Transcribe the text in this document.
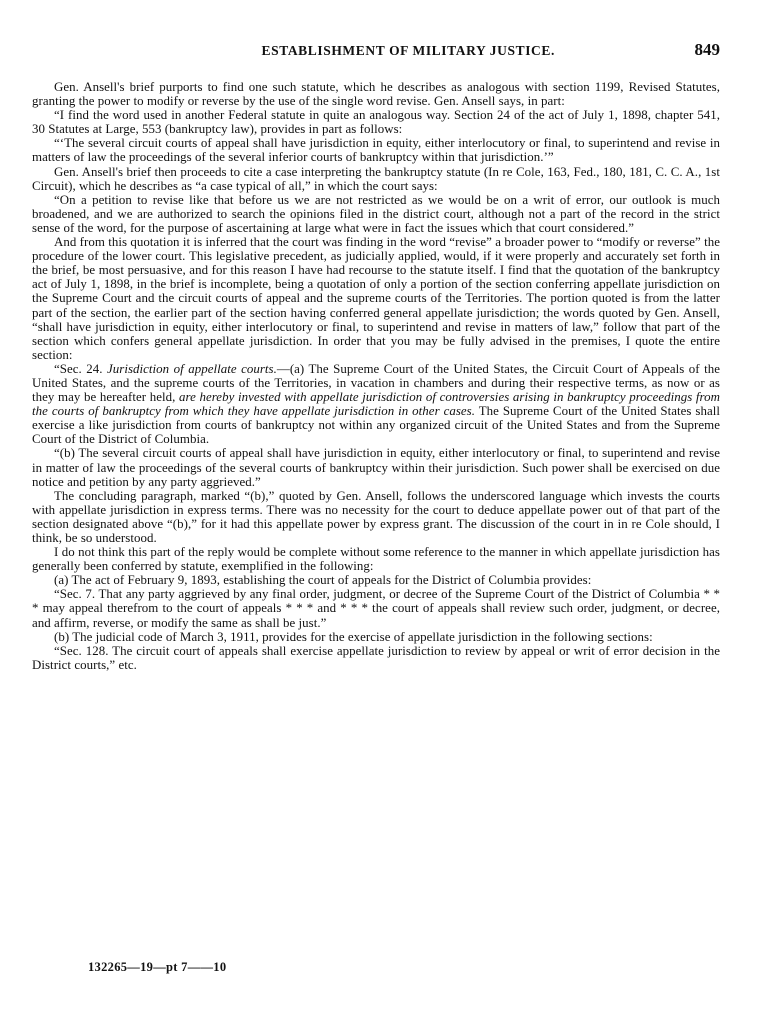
ESTABLISHMENT OF MILITARY JUSTICE.	849

Gen. Ansell's brief purports to find one such statute, which he describes as analogous with section 1199, Revised Statutes, granting the power to modify or reverse by the use of the single word revise. Gen. Ansell says, in part:

“I find the word used in another Federal statute in quite an analogous way. Section 24 of the act of July 1, 1898, chapter 541, 30 Statutes at Large, 553 (bankruptcy law), provides in part as follows:

“‘The several circuit courts of appeal shall have jurisdiction in equity, either interlocutory or final, to superintend and revise in matters of law the proceedings of the several inferior courts of bankruptcy within that jurisdiction.’”

Gen. Ansell's brief then proceeds to cite a case interpreting the bankruptcy statute (In re Cole, 163, Fed., 180, 181, C. C. A., 1st Circuit), which he describes as “a case typical of all,” in which the court says:

“On a petition to revise like that before us we are not restricted as we would be on a writ of error, our outlook is much broadened, and we are authorized to search the opinions filed in the district court, although not a part of the record in the strict sense of the word, for the purpose of ascertaining at large what were in fact the issues which that court considered.”

And from this quotation it is inferred that the court was finding in the word “revise” a broader power to “modify or reverse” the procedure of the lower court. This legislative precedent, as judicially applied, would, if it were properly and accurately set forth in the brief, be most persuasive, and for this reason I have had recourse to the statute itself. I find that the quotation of the bankruptcy act of July 1, 1898, in the brief is incomplete, being a quotation of only a portion of the section conferring appellate jurisdiction on the Supreme Court and the circuit courts of appeal and the supreme courts of the Territories. The portion quoted is from the latter part of the section, the earlier part of the section having conferred general appellate jurisdiction; the words quoted by Gen. Ansell, “shall have jurisdiction in equity, either interlocutory or final, to superintend and revise in matters of law,” follow that part of the section which confers general appellate jurisdiction. In order that you may be fully advised in the premises, I quote the entire section:

“Sec. 24. Jurisdiction of appellate courts.—(a) The Supreme Court of the United States, the Circuit Court of Appeals of the United States, and the supreme courts of the Territories, in vacation in chambers and during their respective terms, as now or as they may be hereafter held, are hereby invested with appellate jurisdiction of controversies arising in bankruptcy proceedings from the courts of bankruptcy from which they have appellate jurisdiction in other cases. The Supreme Court of the United States shall exercise a like jurisdiction from courts of bankruptcy not within any organized circuit of the United States and from the Supreme Court of the District of Columbia.

“(b) The several circuit courts of appeal shall have jurisdiction in equity, either interlocutory or final, to superintend and revise in matter of law the proceedings of the several courts of bankruptcy within their jurisdiction. Such power shall be exercised on due notice and petition by any party aggrieved.”

The concluding paragraph, marked “(b),” quoted by Gen. Ansell, follows the underscored language which invests the courts with appellate jurisdiction in express terms. There was no necessity for the court to deduce appellate power out of that part of the section designated above “(b),” for it had this appellate power by express grant. The discussion of the court in in re Cole should, I think, be so understood.

I do not think this part of the reply would be complete without some reference to the manner in which appellate jurisdiction has generally been conferred by statute, exemplified in the following:

(a) The act of February 9, 1893, establishing the court of appeals for the District of Columbia provides:

“Sec. 7. That any party aggrieved by any final order, judgment, or decree of the Supreme Court of the District of Columbia * * * may appeal therefrom to the court of appeals * * * and * * * the court of appeals shall review such order, judgment, or decree, and affirm, reverse, or modify the same as shall be just.”

(b) The judicial code of March 3, 1911, provides for the exercise of appellate jurisdiction in the following sections:

“Sec. 128. The circuit court of appeals shall exercise appellate jurisdiction to review by appeal or writ of error decision in the District courts,” etc.

132265—19—pt 7——10
